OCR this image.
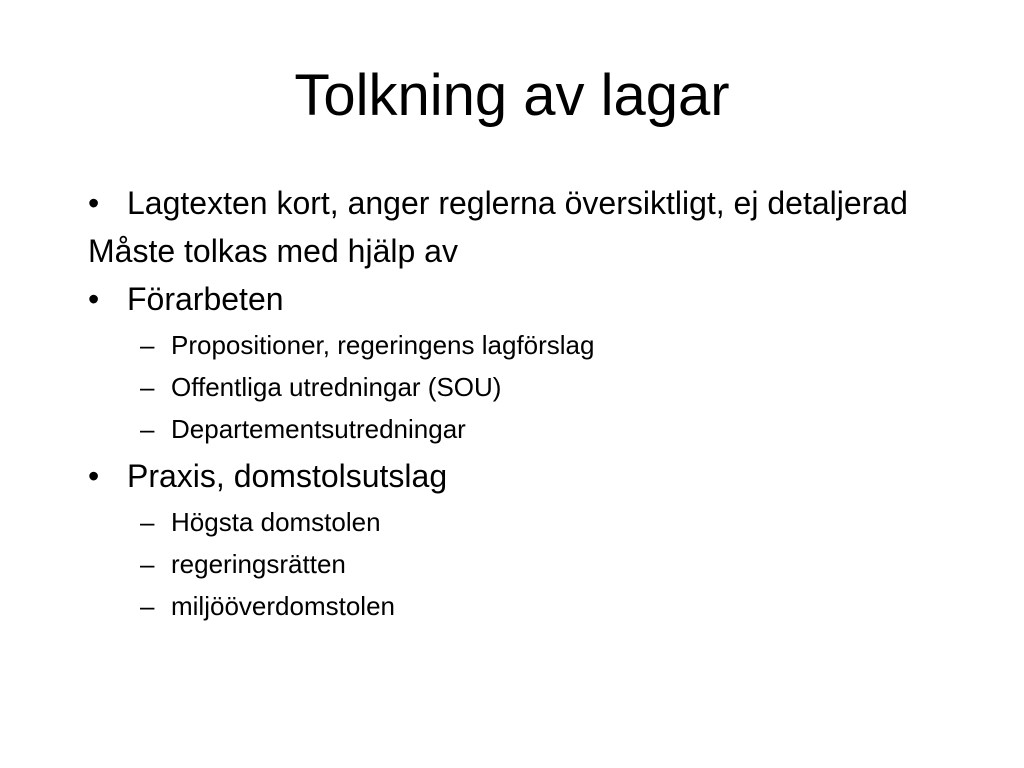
Tolkning av lagar
• Lagtexten kort, anger reglerna översiktligt, ej detaljerad
Måste tolkas med hjälp av
• Förarbeten
– Propositioner, regeringens lagförslag
– Offentliga utredningar (SOU)
– Departementsutredningar
• Praxis, domstolsutslag
– Högsta domstolen
– regeringsrätten
– miljööverdomstolen
